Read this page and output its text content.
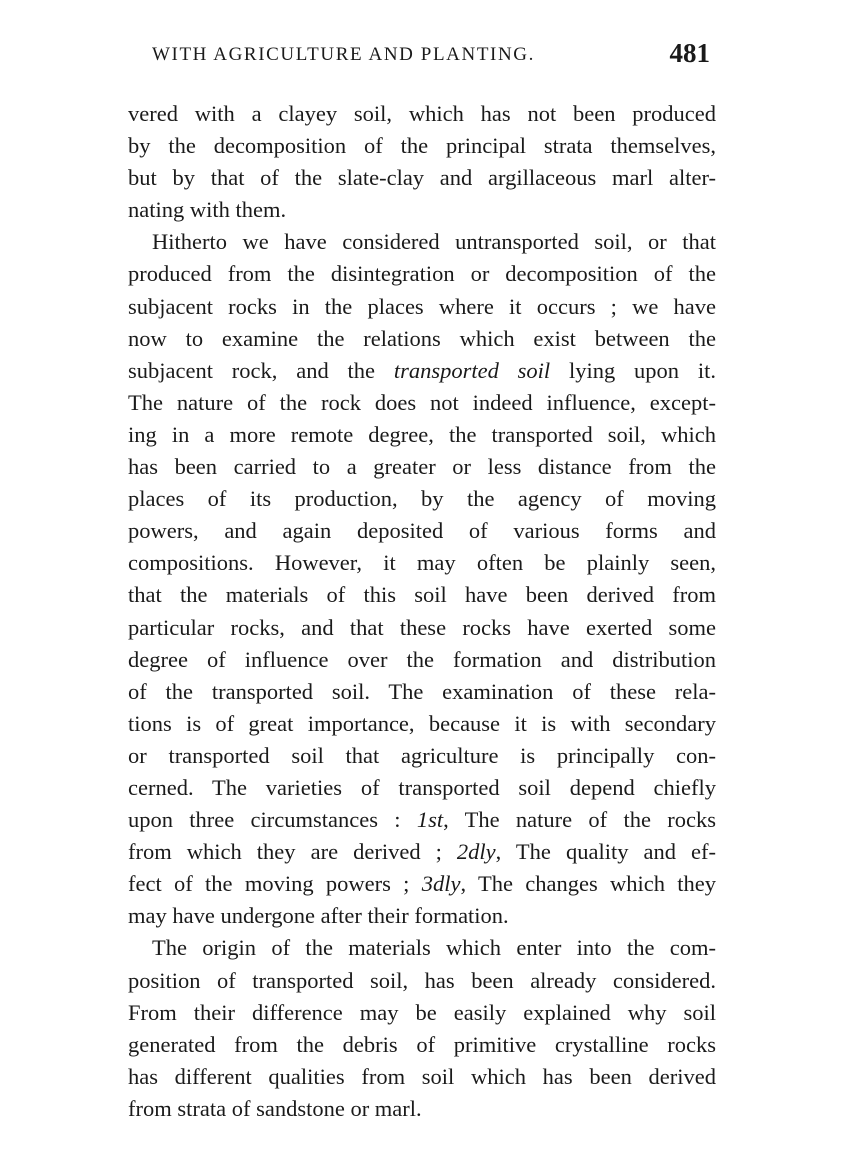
WITH AGRICULTURE AND PLANTING.	481
vered with a clayey soil, which has not been produced
by the decomposition of the principal strata themselves,
but by that of the slate-clay and argillaceous marl alter-
nating with them.
Hitherto we have considered untransported soil, or that
produced from the disintegration or decomposition of the
subjacent rocks in the places where it occurs ; we have
now to examine the relations which exist between the
subjacent rock, and the transported soil lying upon it.
The nature of the rock does not indeed influence, except-
ing in a more remote degree, the transported soil, which
has been carried to a greater or less distance from the
places of its production, by the agency of moving
powers, and again deposited of various forms and
compositions. However, it may often be plainly seen,
that the materials of this soil have been derived from
particular rocks, and that these rocks have exerted some
degree of influence over the formation and distribution
of the transported soil. The examination of these rela-
tions is of great importance, because it is with secondary
or transported soil that agriculture is principally con-
cerned. The varieties of transported soil depend chiefly
upon three circumstances : 1st, The nature of the rocks
from which they are derived ; 2dly, The quality and ef-
fect of the moving powers ; 3dly, The changes which they
may have undergone after their formation.
The origin of the materials which enter into the com-
position of transported soil, has been already considered.
From their difference may be easily explained why soil
generated from the debris of primitive crystalline rocks
has different qualities from soil which has been derived
from strata of sandstone or marl.
